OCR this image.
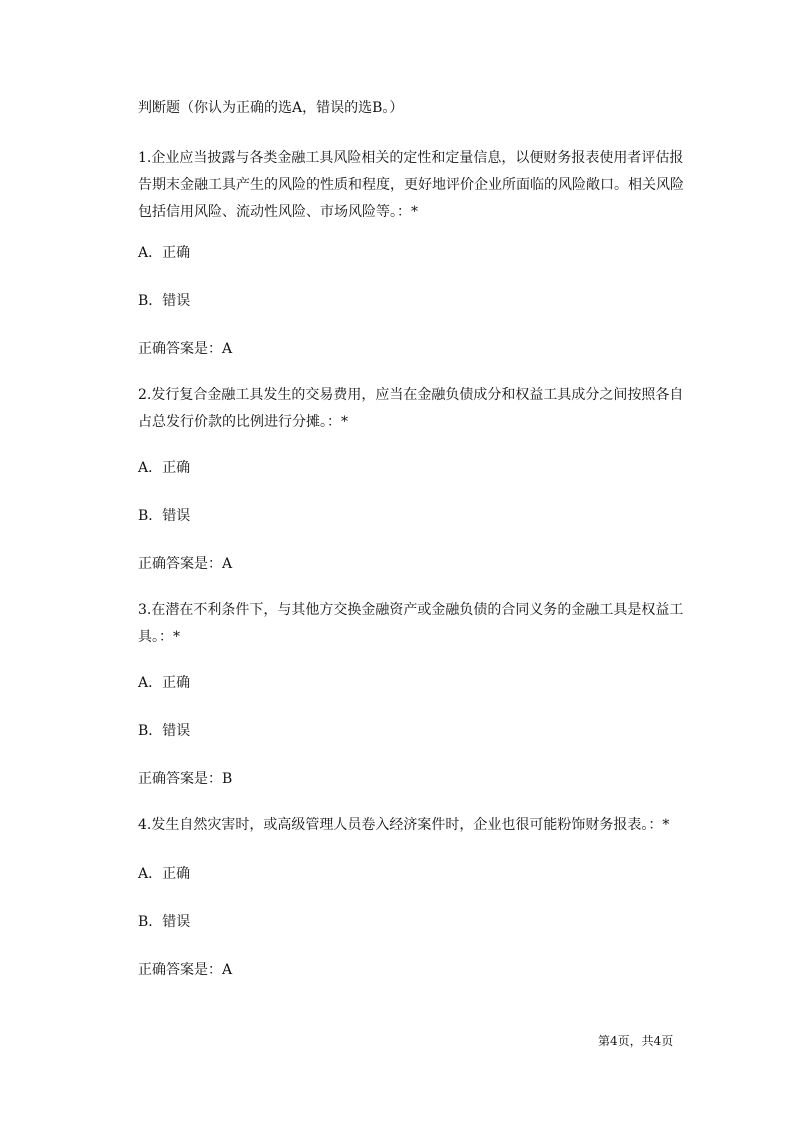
判断题（你认为正确的选A，错误的选B。）
1.企业应当披露与各类金融工具风险相关的定性和定量信息，以便财务报表使用者评估报告期末金融工具产生的风险的性质和程度，更好地评价企业所面临的风险敞口。相关风险包括信用风险、流动性风险、市场风险等。：*
A．正确
B．错误
正确答案是：A
2.发行复合金融工具发生的交易费用，应当在金融负债成分和权益工具成分之间按照各自占总发行价款的比例进行分摊。：*
A．正确
B．错误
正确答案是：A
3.在潜在不利条件下，与其他方交换金融资产或金融负债的合同义务的金融工具是权益工具。：*
A．正确
B．错误
正确答案是：B
4.发生自然灾害时，或高级管理人员卷入经济案件时，企业也很可能粉饰财务报表。：*
A．正确
B．错误
正确答案是：A
第4页，共4页
